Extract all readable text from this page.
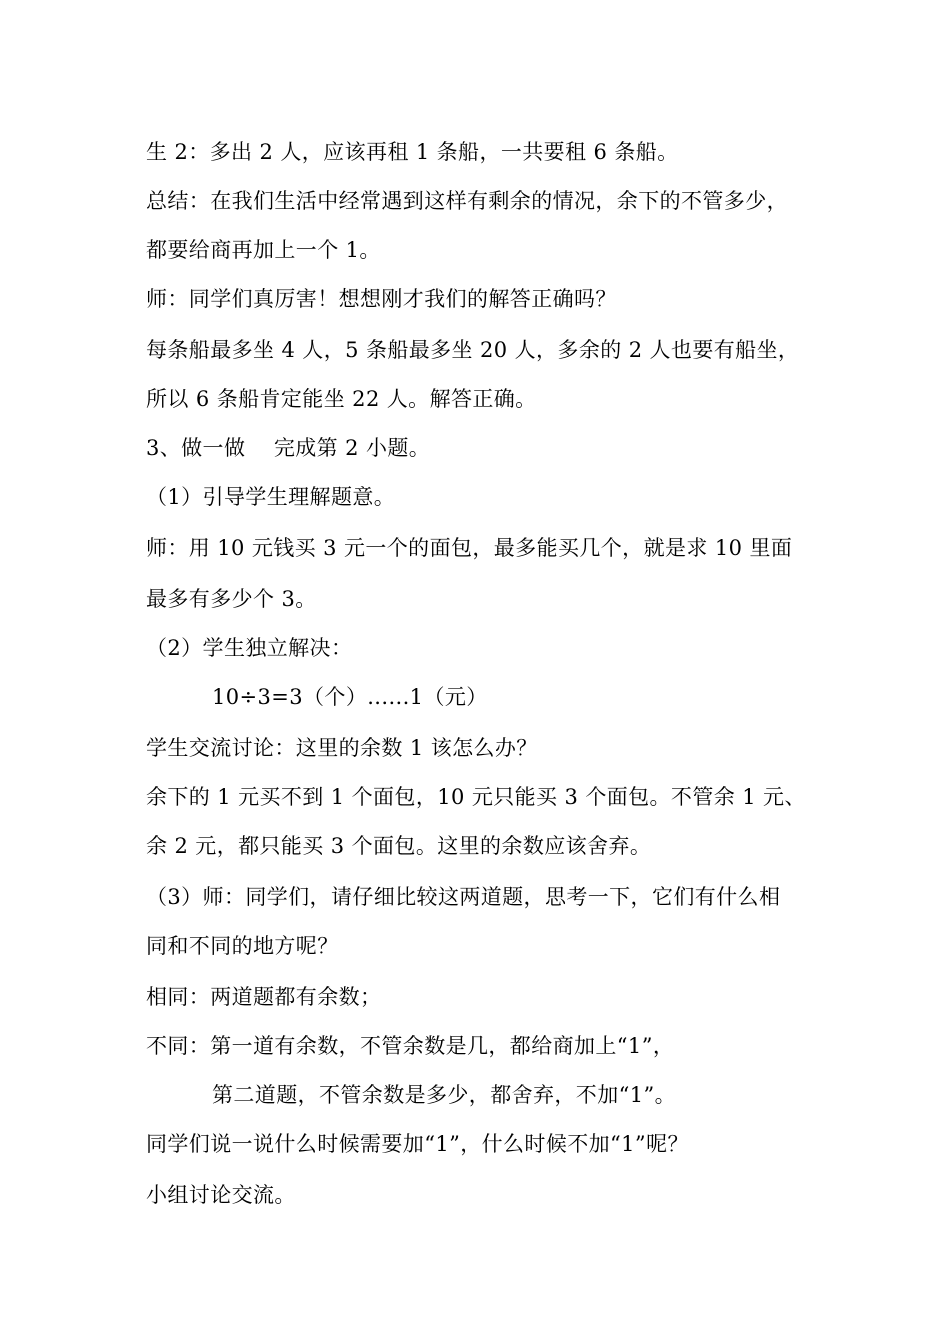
生 2：多出 2 人，应该再租 1 条船，一共要租 6 条船。
总结：在我们生活中经常遇到这样有剩余的情况，余下的不管多少，
都要给商再加上一个 1。
师：同学们真厉害！想想刚才我们的解答正确吗？
每条船最多坐 4 人，5 条船最多坐 20 人，多余的 2 人也要有船坐，
所以 6 条船肯定能坐 22 人。解答正确。
3、做一做　 完成第 2 小题。
（1）引导学生理解题意。
师：用 10 元钱买 3 元一个的面包，最多能买几个，就是求 10 里面
最多有多少个 3。
（2）学生独立解决：
10÷3=3（个）......1（元）
学生交流讨论：这里的余数 1 该怎么办？
余下的 1 元买不到 1 个面包，10 元只能买 3 个面包。不管余 1 元、
余 2 元，都只能买 3 个面包。这里的余数应该舍弃。
（3）师：同学们，请仔细比较这两道题，思考一下，它们有什么相
同和不同的地方呢？
相同：两道题都有余数；
不同：第一道有余数，不管余数是几，都给商加上“1”，
第二道题，不管余数是多少，都舍弃，不加“1”。
同学们说一说什么时候需要加“1”，什么时候不加“1”呢？
小组讨论交流。
